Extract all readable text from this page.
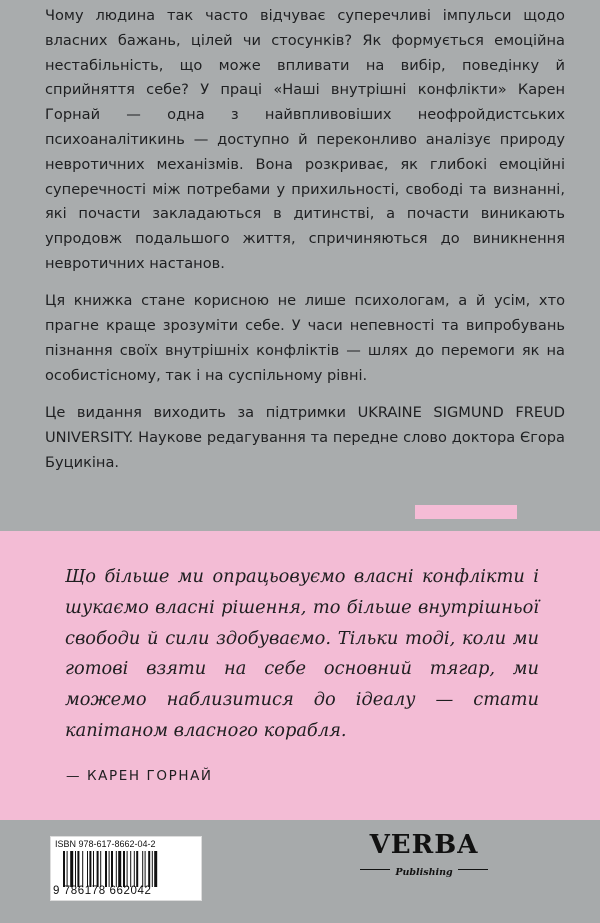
Чому людина так часто відчуває суперечливі імпульси щодо власних бажань, цілей чи стосунків? Як формується емоційна нестабільність, що може впливати на вибір, поведінку й сприйняття себе? У праці «Наші внутрішні конфлікти» Карен Горнай — одна з найвпливовіших неофройдистських психоаналітикинь — доступно й переконливо аналізує природу невротичних механізмів. Вона розкриває, як глибокі емоційні суперечності між потребами у прихильності, свободі та визнанні, які почасти закладаються в дитинстві, а почасти виникають упродовж подальшого життя, спричиняються до виникнення невротичних настанов.

Ця книжка стане корисною не лише психологам, а й усім, хто прагне краще зрозуміти себе. У часи непевності та випробувань пізнання своїх внутрішніх конфліктів — шлях до перемоги як на особистісному, так і на суспільному рівні.

Це видання виходить за підтримки UKRAINE SIGMUND FREUD UNIVERSITY. Наукове редагування та передне слово доктора Єгора Буцикіна.

Що більше ми опрацьовуємо власні конфлікти і шукаємо власні рішення, то більше внутрішньої свободи й сили здобуваємо. Тільки тоді, коли ми готові взяти на себе основний тягар, ми можемо наблизитися до ідеалу — стати капітаном власного корабля.

— КАРЕН ГОРНАЙ
ISBN 978-617-8662-04-2
9 786178 662042
VERBA
Publishing
